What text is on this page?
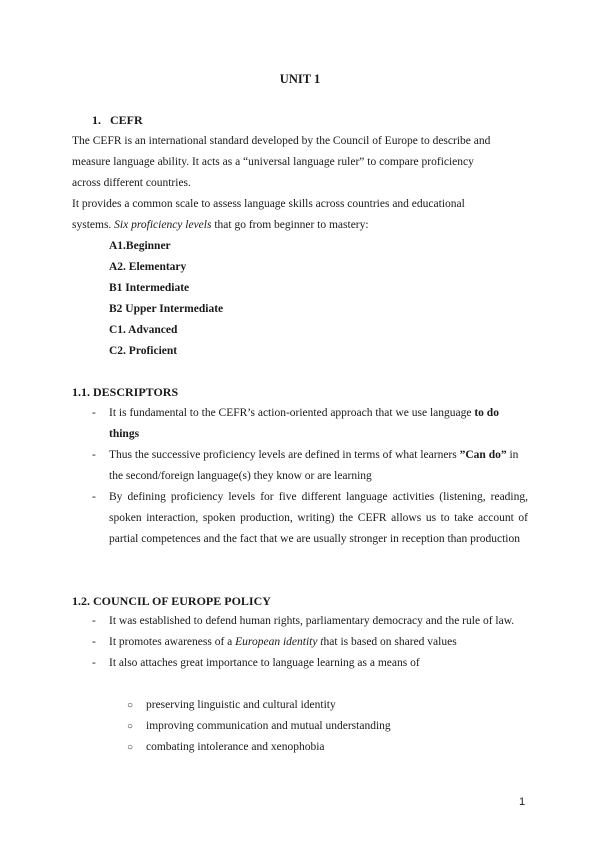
UNIT 1
1. CEFR
The CEFR is an international standard developed by the Council of Europe to describe and measure language ability. It acts as a “universal language ruler” to compare proficiency across different countries.
It provides a common scale to assess language skills across countries and educational systems. Six proficiency levels that go from beginner to mastery:
A1.Beginner
A2. Elementary
B1 Intermediate
B2 Upper Intermediate
C1. Advanced
C2. Proficient
1.1. DESCRIPTORS
- It is fundamental to the CEFR’s action-oriented approach that we use language to do things
- Thus the successive proficiency levels are defined in terms of what learners ”Can do” in the second/foreign language(s) they know or are learning
- By defining proficiency levels for five different language activities (listening, reading, spoken interaction, spoken production, writing) the CEFR allows us to take account of partial competences and the fact that we are usually stronger in reception than production
1.2. COUNCIL OF EUROPE POLICY
- It was established to defend human rights, parliamentary democracy and the rule of law.
- It promotes awareness of a European identity that is based on shared values
- It also attaches great importance to language learning as a means of
○ preserving linguistic and cultural identity
○ improving communication and mutual understanding
○ combating intolerance and xenophobia
1
